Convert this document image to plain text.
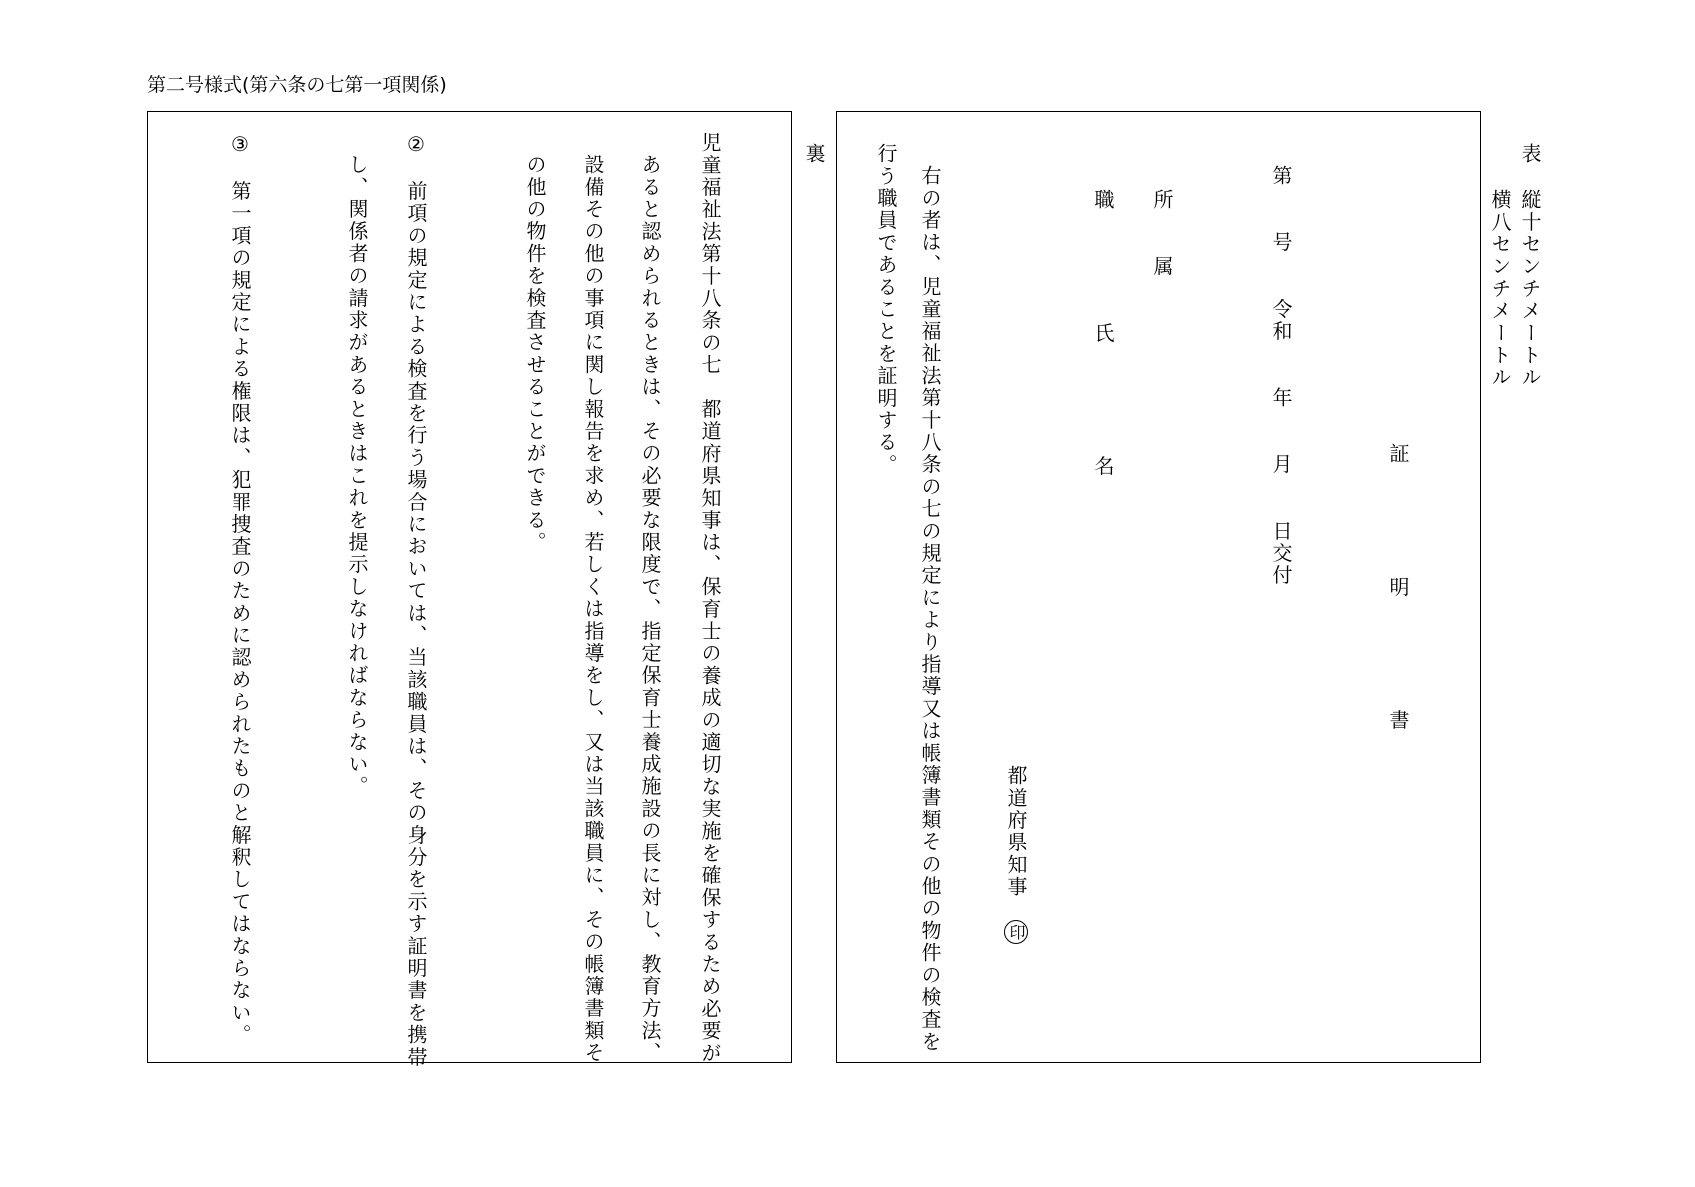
第二号様式(第六条の七第一項関係)
裏
児童福祉法第十八条の七　都道府県知事は、保育士の養成の適切な実施を確保するため必要が
あると認められるときは、その必要な限度で、指定保育士養成施設の長に対し、教育方法、
設備その他の事項に関し報告を求め、若しくは指導をし、又は当該職員に、その帳簿書類そ
の他の物件を検査させることができる。
②　前項の規定による検査を行う場合においては、当該職員は、その身分を示す証明書を携帯
し、関係者の請求があるときはこれを提示しなければならない。
③　第一項の規定による権限は、犯罪捜査のために認められたものと解釈してはならない。	表
縦十センチメートル
横八センチメートル
証　　　　　明　　　　　書
第　　号　　令和　　年　　月　　日交付
所　　属
職　　　　　氏　　　　　名
都道府県知事　印
右の者は、児童福祉法第十八条の七の規定により指導又は帳簿書類その他の物件の検査を
行う職員であることを証明する。
